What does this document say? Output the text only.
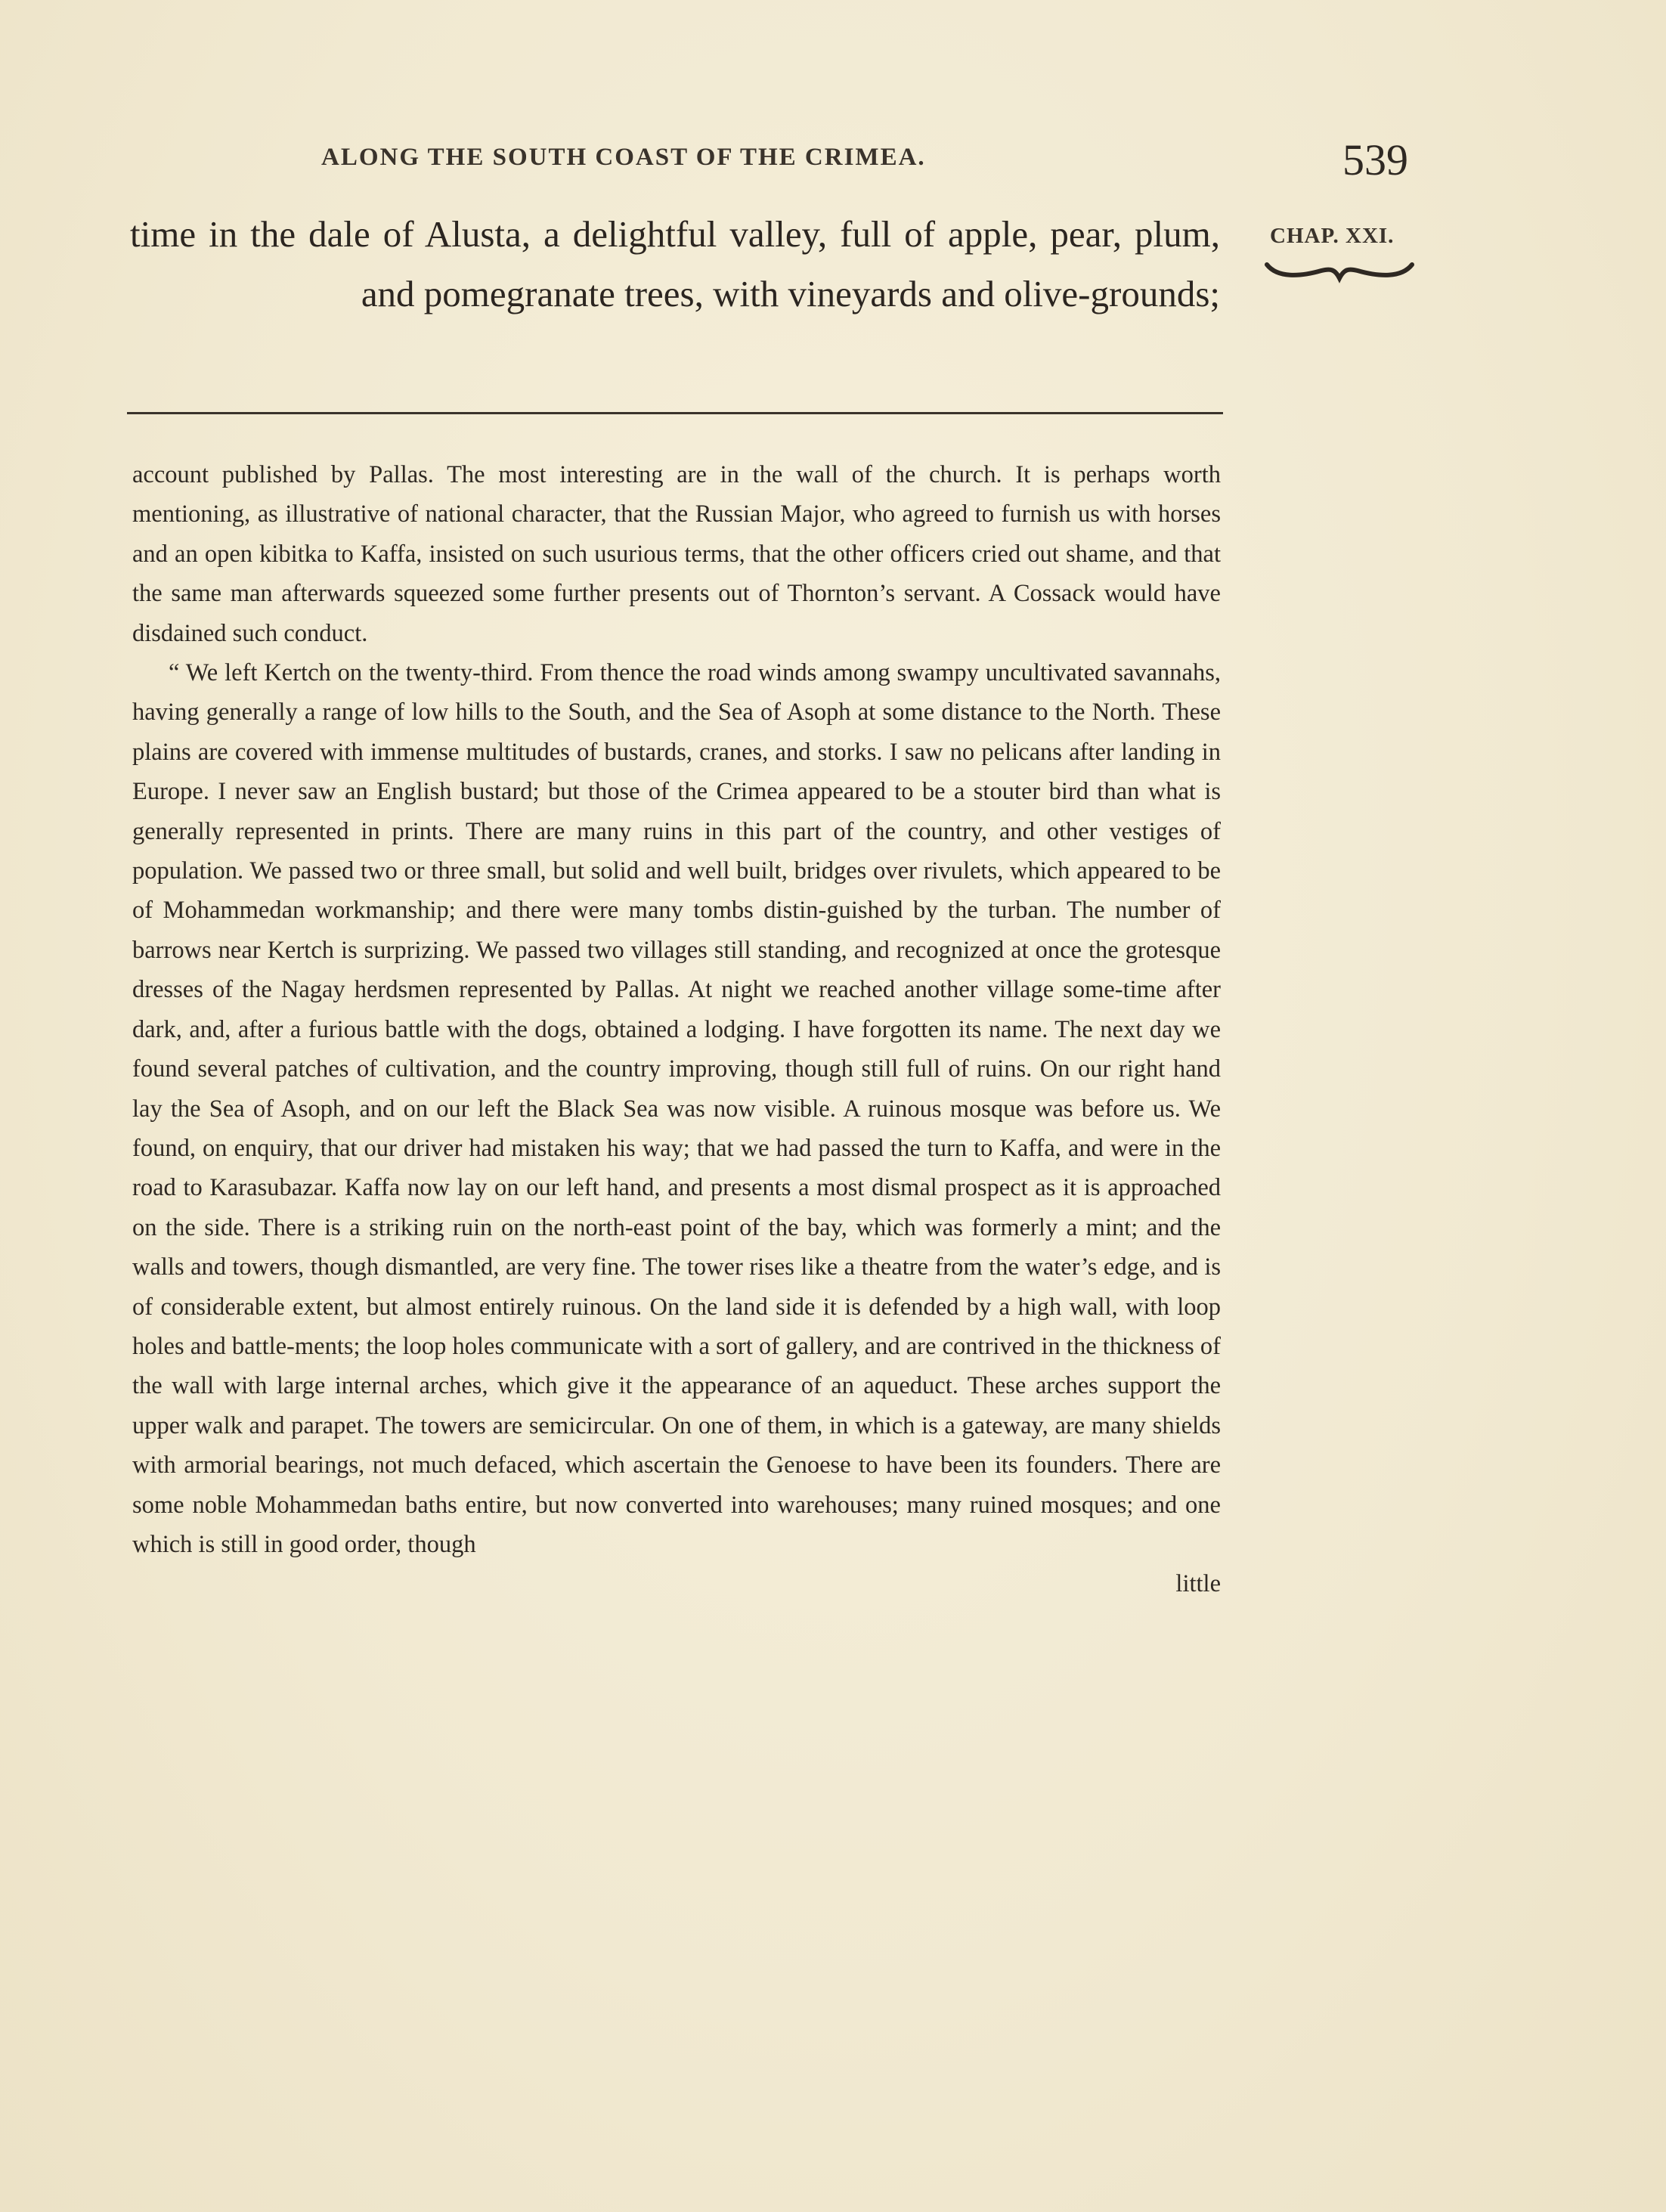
ALONG THE SOUTH COAST OF THE CRIMEA.	539
CHAP. XXI.
time in the dale of Alusta, a delightful valley, full of apple, pear, plum, and pomegranate trees, with vineyards and olive-grounds;

account published by Pallas. The most interesting are in the wall of the church. It is perhaps worth mentioning, as illustrative of national character, that the Russian Major, who agreed to furnish us with horses and an open kibitka to Kaffa, insisted on such usurious terms, that the other officers cried out shame, and that the same man afterwards squeezed some further presents out of Thornton’s servant. A Cossack would have disdained such conduct.

“ We left Kertch on the twenty-third. From thence the road winds among swampy uncultivated savannahs, having generally a range of low hills to the South, and the Sea of Asoph at some distance to the North. These plains are covered with immense multitudes of bustards, cranes, and storks. I saw no pelicans after landing in Europe. I never saw an English bustard; but those of the Crimea appeared to be a stouter bird than what is generally represented in prints. There are many ruins in this part of the country, and other vestiges of population. We passed two or three small, but solid and well built, bridges over rivulets, which appeared to be of Mohammedan workmanship; and there were many tombs distin-guished by the turban. The number of barrows near Kertch is surprizing. We passed two villages still standing, and recognized at once the grotesque dresses of the Nagay herdsmen represented by Pallas. At night we reached another village some-time after dark, and, after a furious battle with the dogs, obtained a lodging. I have forgotten its name. The next day we found several patches of cultivation, and the country improving, though still full of ruins. On our right hand lay the Sea of Asoph, and on our left the Black Sea was now visible. A ruinous mosque was before us. We found, on enquiry, that our driver had mistaken his way; that we had passed the turn to Kaffa, and were in the road to Karasubazar. Kaffa now lay on our left hand, and presents a most dismal prospect as it is approached on the side. There is a striking ruin on the north-east point of the bay, which was formerly a mint; and the walls and towers, though dismantled, are very fine. The tower rises like a theatre from the water’s edge, and is of considerable extent, but almost entirely ruinous. On the land side it is defended by a high wall, with loop holes and battle-ments; the loop holes communicate with a sort of gallery, and are contrived in the thickness of the wall with large internal arches, which give it the appearance of an aqueduct. These arches support the upper walk and parapet. The towers are semicircular. On one of them, in which is a gateway, are many shields with armorial bearings, not much defaced, which ascertain the Genoese to have been its founders. There are some noble Mohammedan baths entire, but now converted into warehouses; many ruined mosques; and one which is still in good order, though

little
